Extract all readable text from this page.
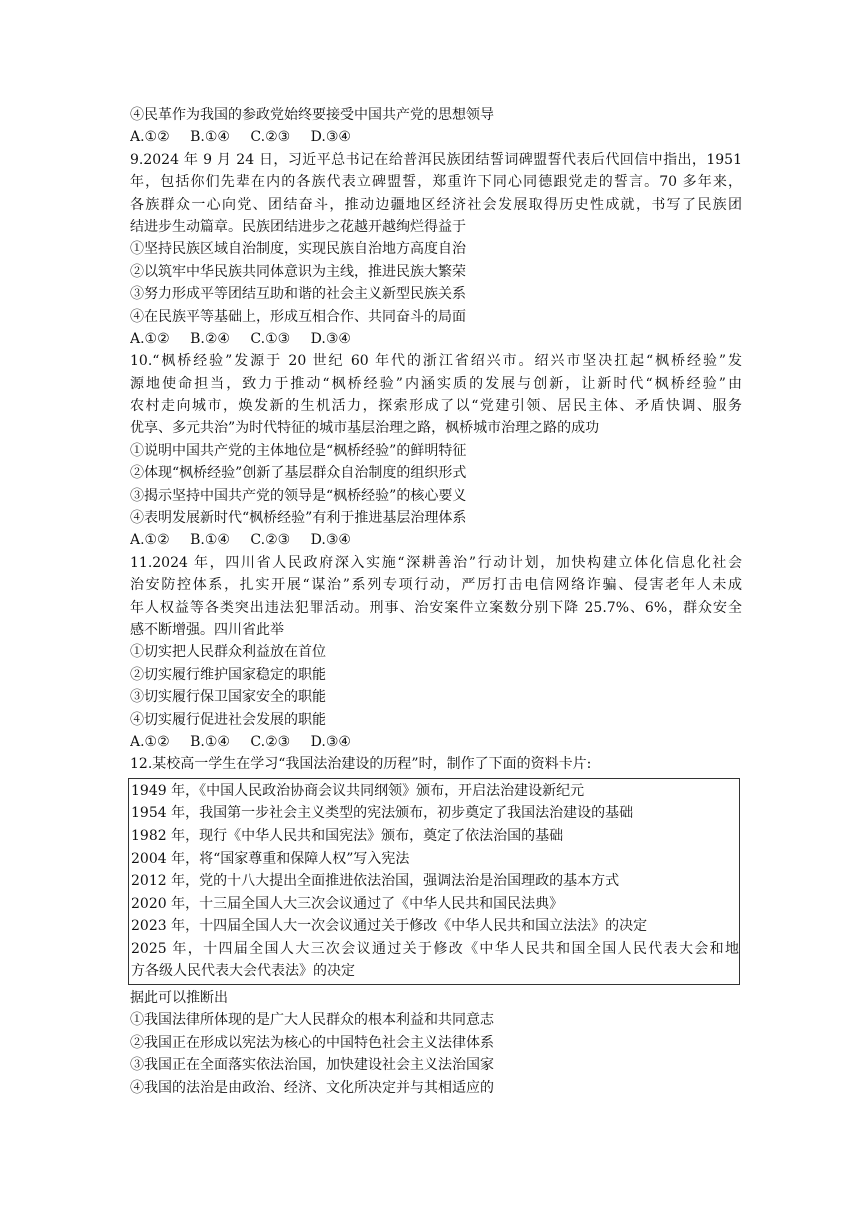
④民革作为我国的参政党始终要接受中国共产党的思想领导
A.①② B.①④ C.②③ D.③④
9.2024 年 9 月 24 日，习近平总书记在给普洱民族团结誓词碑盟誓代表后代回信中指出，1951
年，包括你们先辈在内的各族代表立碑盟誓，郑重许下同心同德跟党走的誓言。70 多年来，
各族群众一心向党、团结奋斗，推动边疆地区经济社会发展取得历史性成就，书写了民族团
结进步生动篇章。民族团结进步之花越开越绚烂得益于
①坚持民族区域自治制度，实现民族自治地方高度自治
②以筑牢中华民族共同体意识为主线，推进民族大繁荣
③努力形成平等团结互助和谐的社会主义新型民族关系
④在民族平等基础上，形成互相合作、共同奋斗的局面
A.①② B.②④ C.①③ D.③④
10.“枫桥经验”发源于 20 世纪 60 年代的浙江省绍兴市。绍兴市坚决扛起“枫桥经验”发
源地使命担当，致力于推动“枫桥经验”内涵实质的发展与创新，让新时代“枫桥经验”由
农村走向城市，焕发新的生机活力，探索形成了以“党建引领、居民主体、矛盾快调、服务
优享、多元共治”为时代特征的城市基层治理之路，枫桥城市治理之路的成功
①说明中国共产党的主体地位是“枫桥经验”的鲜明特征
②体现“枫桥经验”创新了基层群众自治制度的组织形式
③揭示坚持中国共产党的领导是“枫桥经验”的核心要义
④表明发展新时代“枫桥经验”有利于推进基层治理体系
A.①② B.①④ C.②③ D.③④
11.2024 年，四川省人民政府深入实施“深耕善治”行动计划，加快构建立体化信息化社会
治安防控体系，扎实开展“谋治”系列专项行动，严厉打击电信网络诈骗、侵害老年人未成
年人权益等各类突出违法犯罪活动。刑事、治安案件立案数分别下降 25.7%、6%，群众安全
感不断增强。四川省此举
①切实把人民群众利益放在首位
②切实履行维护国家稳定的职能
③切实履行保卫国家安全的职能
④切实履行促进社会发展的职能
A.①② B.①④ C.②③ D.③④
12.某校高一学生在学习“我国法治建设的历程”时，制作了下面的资料卡片:
1949 年，《中国人民政治协商会议共同纲领》颁布，开启法治建设新纪元
1954 年，我国第一步社会主义类型的宪法颁布，初步奠定了我国法治建设的基础
1982 年，现行《中华人民共和国宪法》颁布，奠定了依法治国的基础
2004 年，将“国家尊重和保障人权”写入宪法
2012 年，党的十八大提出全面推进依法治国，强调法治是治国理政的基本方式
2020 年，十三届全国人大三次会议通过了《中华人民共和国民法典》
2023 年，十四届全国人大一次会议通过关于修改《中华人民共和国立法法》的决定
2025 年，十四届全国人大三次会议通过关于修改《中华人民共和国全国人民代表大会和地
方各级人民代表大会代表法》的决定
据此可以推断出
①我国法律所体现的是广大人民群众的根本利益和共同意志
②我国正在形成以宪法为核心的中国特色社会主义法律体系
③我国正在全面落实依法治国，加快建设社会主义法治国家
④我国的法治是由政治、经济、文化所决定并与其相适应的
